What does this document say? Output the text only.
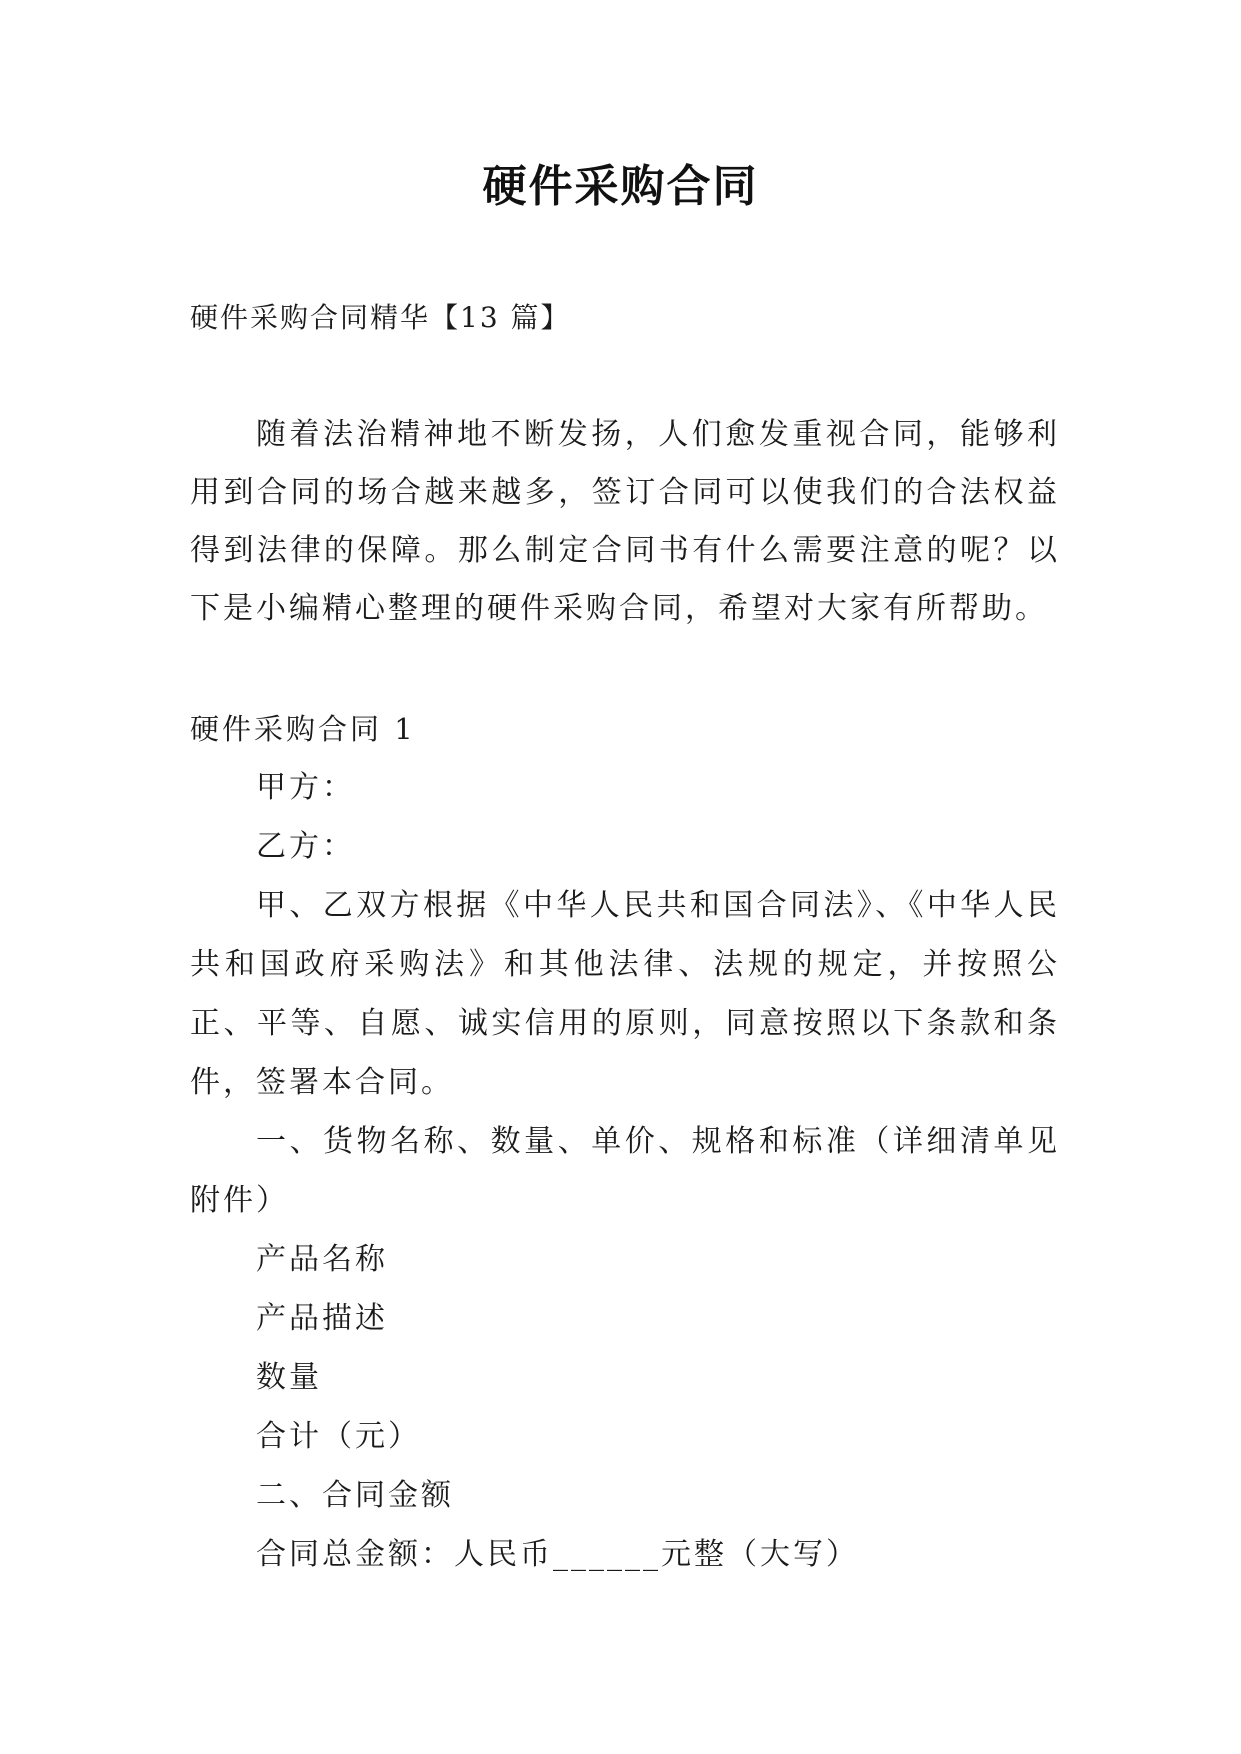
硬件采购合同
硬件采购合同精华【13 篇】
随着法治精神地不断发扬，人们愈发重视合同，能够利用到合同的场合越来越多，签订合同可以使我们的合法权益得到法律的保障。那么制定合同书有什么需要注意的呢？以下是小编精心整理的硬件采购合同，希望对大家有所帮助。
硬件采购合同 1

甲方：

乙方：

甲、乙双方根据《中华人民共和国合同法》、《中华人民共和国政府采购法》和其他法律、法规的规定，并按照公正、平等、自愿、诚实信用的原则，同意按照以下条款和条件，签署本合同。

一、货物名称、数量、单价、规格和标准（详细清单见附件）

产品名称

产品描述

数量

合计（元）

二、合同金额

合同总金额：人民币______元整（大写）
